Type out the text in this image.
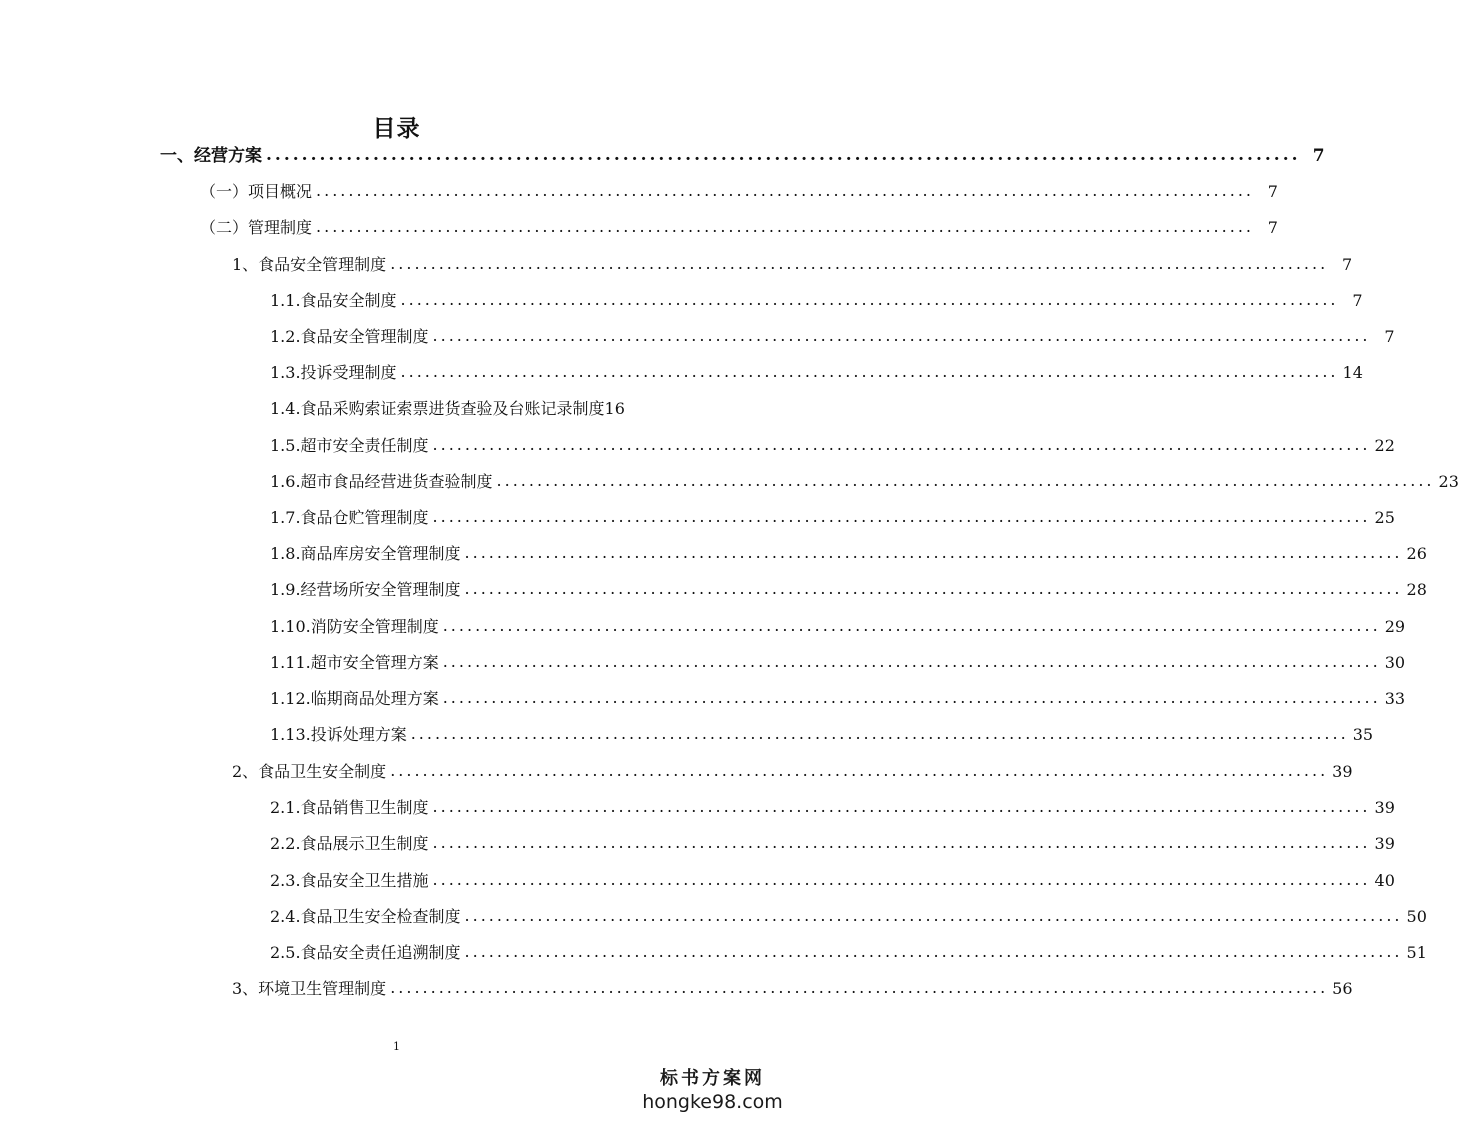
目录
一、经营方案 .................................................................................................................... 7
（一）项目概况 .................................................................................................................... 7
（二）管理制度 .................................................................................................................... 7
1、食品安全管理制度 .................................................................................................................... 7
1.1.食品安全制度 .................................................................................................................... 7
1.2.食品安全管理制度 .................................................................................................................... 7
1.3.投诉受理制度 .................................................................................................................... 14
1.4.食品采购索证索票进货查验及台账记录制度 16
1.5.超市安全责任制度 .................................................................................................................... 22
1.6.超市食品经营进货查验制度 .................................................................................................................... 23
1.7.食品仓贮管理制度 .................................................................................................................... 25
1.8.商品库房安全管理制度 .................................................................................................................... 26
1.9.经营场所安全管理制度 .................................................................................................................... 28
1.10.消防安全管理制度 .................................................................................................................... 29
1.11.超市安全管理方案 .................................................................................................................... 30
1.12.临期商品处理方案 .................................................................................................................... 33
1.13.投诉处理方案 .................................................................................................................... 35
2、食品卫生安全制度 .................................................................................................................... 39
2.1.食品销售卫生制度 .................................................................................................................... 39
2.2.食品展示卫生制度 .................................................................................................................... 39
2.3.食品安全卫生措施 .................................................................................................................... 40
2.4.食品卫生安全检查制度 .................................................................................................................... 50
2.5.食品安全责任追溯制度 .................................................................................................................... 51
3、环境卫生管理制度 .................................................................................................................... 56
1
标书方案网
hongke98.com
